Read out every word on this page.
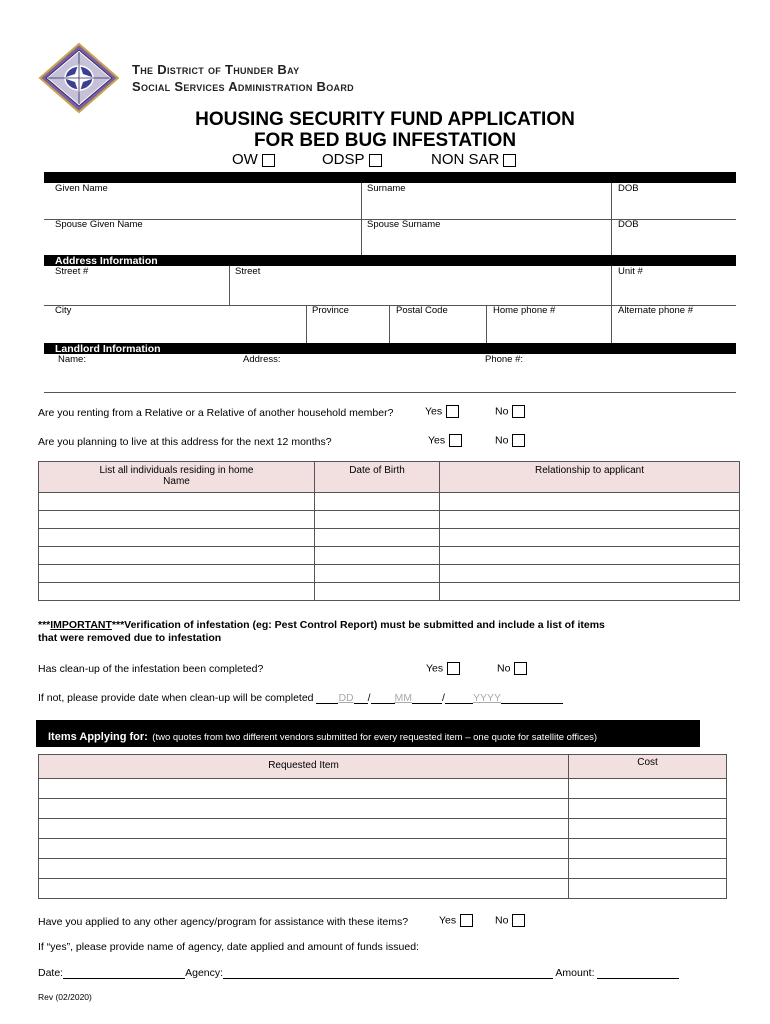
The District of Thunder Bay
Social Services Administration Board
HOUSING SECURITY FUND APPLICATION
FOR BED BUG INFESTATION
OW	ODSP	NON SAR
Given Name	Surname	DOB
Spouse Given Name	Spouse Surname	DOB
Address Information
Street #	Street	Unit #
City	Province	Postal Code	Home phone #	Alternate phone #
Landlord Information
Name:	Address:	Phone #:
Are you renting from a Relative or a Relative of another household member?	Yes	No
Are you planning to live at this address for the next 12 months?	Yes	No
List all individuals residing in home
Name	Date of Birth	Relationship to applicant

***IMPORTANT***Verification of infestation (eg: Pest Control Report) must be submitted and include a list of items
that were removed due to infestation
Has clean-up of the infestation been completed?	Yes	No
If not, please provide date when clean-up will be completed DD / MM	/	YYYY
Items Applying for: (two quotes from two different vendors submitted for every requested item – one quote for satellite offices)
Requested Item	Cost

Have you applied to any other agency/program for assistance with these items?	Yes	No
If “yes”, please provide name of agency, date applied and amount of funds issued:
Date:	Agency:	Amount:
Rev (02/2020)
